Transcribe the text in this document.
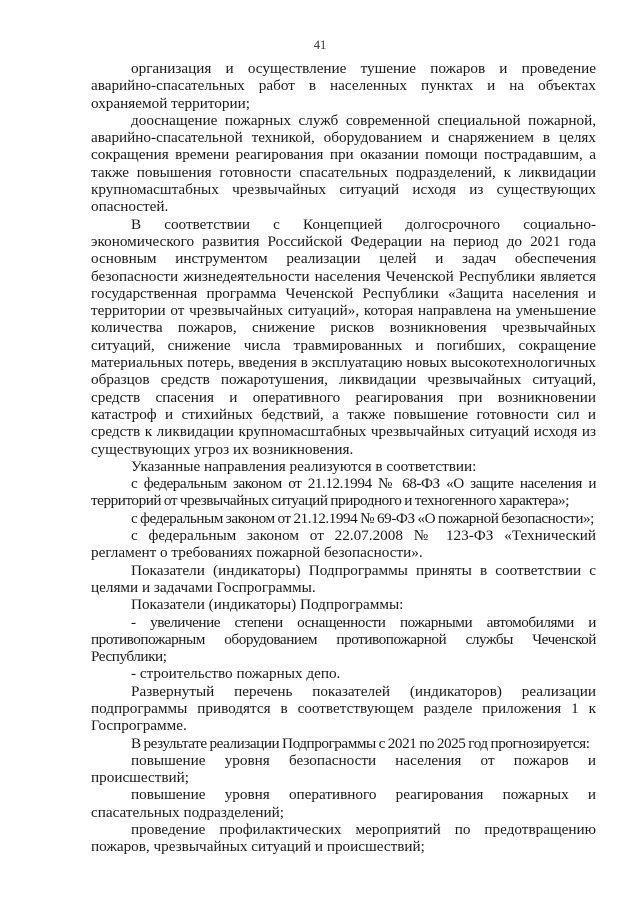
41

организация и осуществление тушение пожаров и проведение аварийно-спасательных работ в населенных пунктах и на объектах охраняемой территории;

дооснащение пожарных служб современной специальной пожарной, аварийно-спасательной техникой, оборудованием и снаряжением в целях сокращения времени реагирования при оказании помощи пострадавшим, а также повышения готовности спасательных подразделений, к ликвидации крупномасштабных чрезвычайных ситуаций исходя из существующих опасностей.

В соответствии с Концепцией долгосрочного социально-экономического развития Российской Федерации на период до 2021 года основным инструментом реализации целей и задач обеспечения безопасности жизнедеятельности населения Чеченской Республики является государственная программа Чеченской Республики «Защита населения и территории от чрезвычайных ситуаций», которая направлена на уменьшение количества пожаров, снижение рисков возникновения чрезвычайных ситуаций, снижение числа травмированных и погибших, сокращение материальных потерь, введения в эксплуатацию новых высокотехнологичных образцов средств пожаротушения, ликвидации чрезвычайных ситуаций, средств спасения и оперативного реагирования при возникновении катастроф и стихийных бедствий, а также повышение готовности сил и средств к ликвидации крупномасштабных чрезвычайных ситуаций исходя из существующих угроз их возникновения.

Указанные направления реализуются в соответствии:

с федеральным законом от 21.12.1994 № 68-ФЗ «О защите населения и территорий от чрезвычайных ситуаций природного и техногенного характера»;

с федеральным законом от 21.12.1994 № 69-ФЗ «О пожарной безопасности»;

с федеральным законом от 22.07.2008 № 123-ФЗ «Технический регламент о требованиях пожарной безопасности».

Показатели (индикаторы) Подпрограммы приняты в соответствии с целями и задачами Госпрограммы.

Показатели (индикаторы) Подпрограммы:

- увеличение степени оснащенности пожарными автомобилями и противопожарным оборудованием противопожарной службы Чеченской Республики;

- строительство пожарных депо.

Развернутый перечень показателей (индикаторов) реализации подпрограммы приводятся в соответствующем разделе приложения 1 к Госпрограмме.

В результате реализации Подпрограммы с 2021 по 2025 год прогнозируется:

повышение уровня безопасности населения от пожаров и происшествий;

повышение уровня оперативного реагирования пожарных и спасательных подразделений;

проведение профилактических мероприятий по предотвращению пожаров, чрезвычайных ситуаций и происшествий;
